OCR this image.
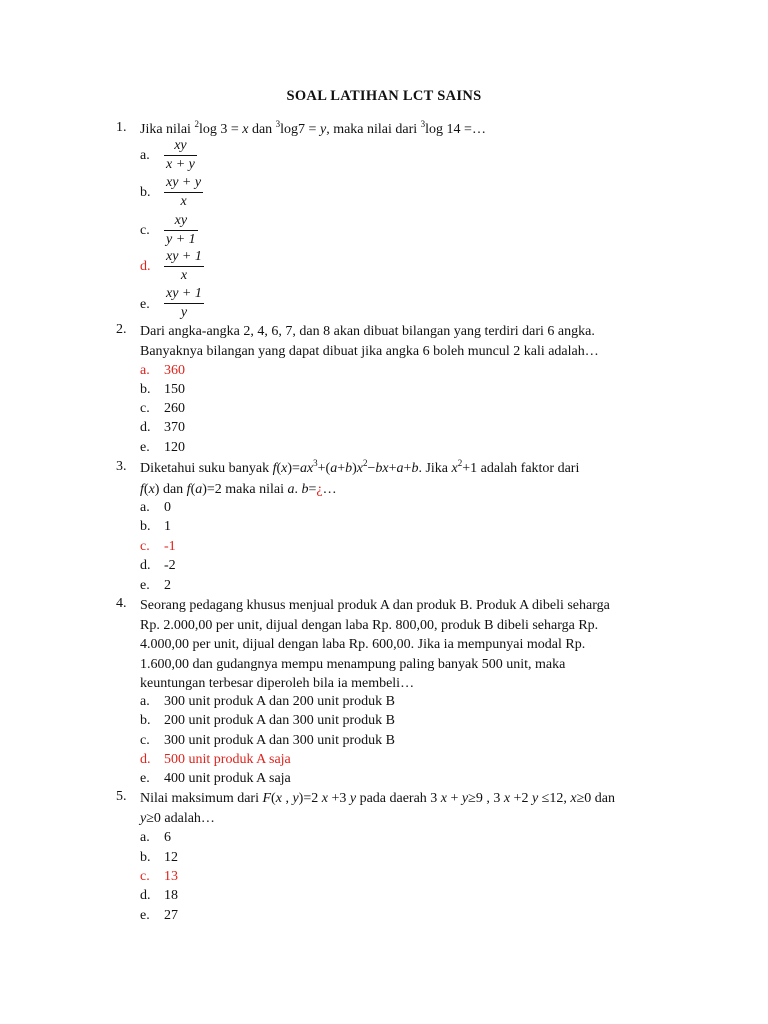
SOAL LATIHAN LCT SAINS
1. Jika nilai $^2$log 3 = x dan $^3$log7 = y, maka nilai dari $^3$log 14 =…
a.
xy
x + y
b.
xy + y
x
c.
xy
y + 1
d.
xy + 1
x
e.
xy + 1
y
2. Dari angka-angka 2, 4, 6, 7, dan 8 akan dibuat bilangan yang terdiri dari 6 angka.
Banyaknya bilangan yang dapat dibuat jika angka 6 boleh muncul 2 kali adalah…
a. 360
b. 150
c. 260
d. 370
e. 120
3. Diketahui suku banyak $f(x)=ax^3+(a+b)x^2-bx+a+b$. Jika $x^2+1$ adalah faktor dari
f(x) dan f(a)=2 maka nilai a. b=¿…
a. 0
b. 1
c. -1
d. -2
e. 2
4. Seorang pedagang khusus menjual produk A dan produk B. Produk A dibeli seharga
Rp. 2.000,00 per unit, dijual dengan laba Rp. 800,00, produk B dibeli seharga Rp.
4.000,00 per unit, dijual dengan laba Rp. 600,00. Jika ia mempunyai modal Rp.
1.600,00 dan gudangnya mempu menampung paling banyak 500 unit, maka
keuntungan terbesar diperoleh bila ia membeli…
a. 300 unit produk A dan 200 unit produk B
b. 200 unit produk A dan 300 unit produk B
c. 300 unit produk A dan 300 unit produk B
d. 500 unit produk A saja
e. 400 unit produk A saja
5. Nilai maksimum dari F(x , y)=2 x +3 y pada daerah 3 x + y≥9 , 3 x +2 y ≤12, x≥0 dan
y≥0 adalah…
a. 6
b. 12
c. 13
d. 18
e. 27
